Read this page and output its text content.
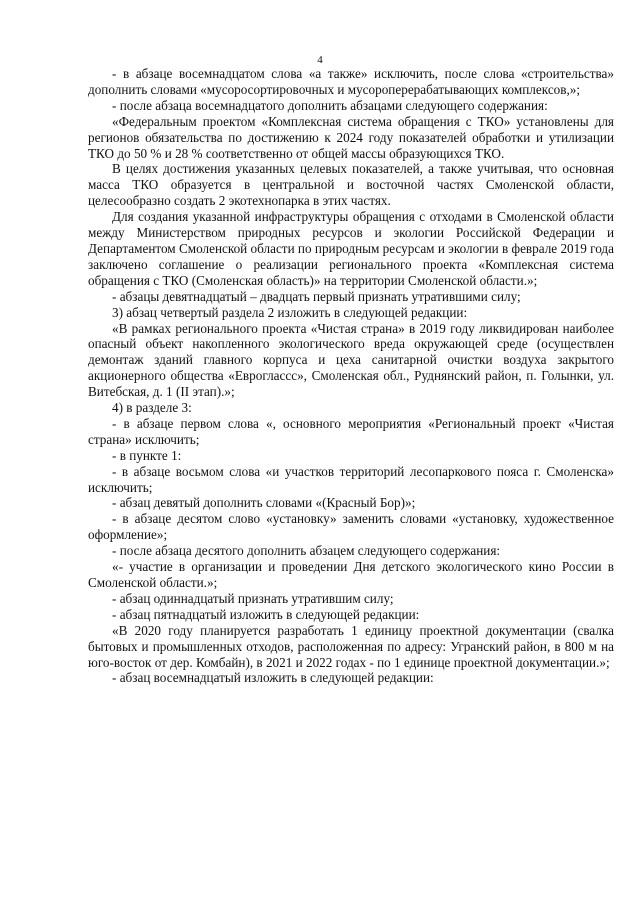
4

- в абзаце восемнадцатом слова «а также» исключить, после слова «строительства» дополнить словами «мусоросортировочных и мусороперерабатывающих комплексов,»;

- после абзаца восемнадцатого дополнить абзацами следующего содержания:

«Федеральным проектом «Комплексная система обращения с ТКО» установлены для регионов обязательства по достижению к 2024 году показателей обработки и утилизации ТКО до 50 % и 28 % соответственно от общей массы образующихся ТКО.

В целях достижения указанных целевых показателей, а также учитывая, что основная масса ТКО образуется в центральной и восточной частях Смоленской области, целесообразно создать 2 экотехнопарка в этих частях.

Для создания указанной инфраструктуры обращения с отходами в Смоленской области между Министерством природных ресурсов и экологии Российской Федерации и Департаментом Смоленской области по природным ресурсам и экологии в феврале 2019 года заключено соглашение о реализации регионального проекта «Комплексная система обращения с ТКО (Смоленская область)» на территории Смоленской области.»;

- абзацы девятнадцатый – двадцать первый признать утратившими силу;

3) абзац четвертый раздела 2 изложить в следующей редакции:

«В рамках регионального проекта «Чистая страна» в 2019 году ликвидирован наиболее опасный объект накопленного экологического вреда окружающей среде (осуществлен демонтаж зданий главного корпуса и цеха санитарной очистки воздуха закрытого акционерного общества «Евроглассс», Смоленская обл., Руднянский район, п. Голынки, ул. Витебская, д. 1 (II этап).»;

4) в разделе 3:

- в абзаце первом слова «, основного мероприятия «Региональный проект «Чистая страна» исключить;

- в пункте 1:

- в абзаце восьмом слова «и участков территорий лесопаркового пояса г. Смоленска» исключить;

- абзац девятый дополнить словами «(Красный Бор)»;

- в абзаце десятом слово «установку» заменить словами «установку, художественное оформление»;

- после абзаца десятого дополнить абзацем следующего содержания:

«- участие в организации и проведении Дня детского экологического кино России в Смоленской области.»;

- абзац одиннадцатый признать утратившим силу;

- абзац пятнадцатый изложить в следующей редакции:

«В 2020 году планируется разработать 1 единицу проектной документации (свалка бытовых и промышленных отходов, расположенная по адресу: Угранский район, в 800 м на юго-восток от дер. Комбайн), в 2021 и 2022 годах - по 1 единице проектной документации.»;

- абзац восемнадцатый изложить в следующей редакции:
